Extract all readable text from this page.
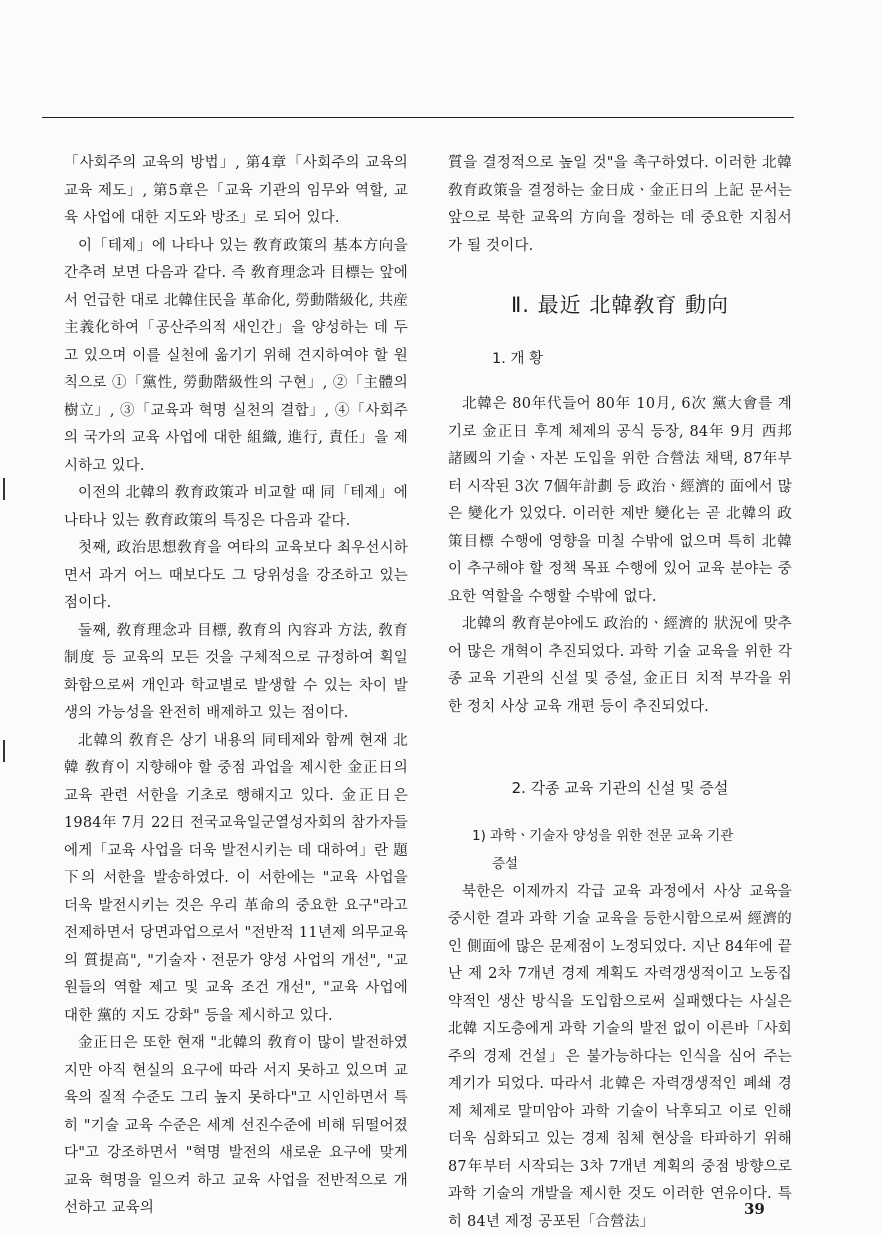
「사회주의 교육의 방법」, 第4章「사회주의 교육의 교육 제도」, 第5章은「교육 기관의 임무와 역할, 교육 사업에 대한 지도와 방조」로 되어 있다.

이「테제」에 나타나 있는 敎育政策의 基本方向을 간추려 보면 다음과 같다. 즉 敎育理念과 目標는 앞에서 언급한 대로 北韓住民을 革命化, 勞動階級化, 共産主義化하여「공산주의적 새인간」을 양성하는 데 두고 있으며 이를 실천에 옮기기 위해 견지하여야 할 원칙으로 ①「黨性, 勞動階級性의 구현」, ②「主體의 樹立」, ③「교육과 혁명 실천의 결합」, ④「사회주의 국가의 교육 사업에 대한 組織, 進行, 責任」을 제시하고 있다.

이전의 北韓의 敎育政策과 비교할 때 同「테제」에 나타나 있는 敎育政策의 특징은 다음과 같다.

첫째, 政治思想敎育을 여타의 교육보다 최우선시하면서 과거 어느 때보다도 그 당위성을 강조하고 있는 점이다.

둘째, 敎育理念과 目標, 敎育의 內容과 方法, 敎育制度 등 교육의 모든 것을 구체적으로 규정하여 획일화함으로써 개인과 학교별로 발생할 수 있는 차이 발생의 가능성을 완전히 배제하고 있는 점이다.

北韓의 敎育은 상기 내용의 同테제와 함께 현재 北韓 敎育이 지향해야 할 중점 과업을 제시한 金正日의 교육 관련 서한을 기초로 행해지고 있다. 金正日은 1984年 7月 22日 전국교육일군열성자회의 참가자들에게「교육 사업을 더욱 발전시키는 데 대하여」란 題下의 서한을 발송하였다. 이 서한에는 "교육 사업을 더욱 발전시키는 것은 우리 革命의 중요한 요구"라고 전제하면서 당면과업으로서 "전반적 11년제 의무교육의 質提高", "기술자ㆍ전문가 양성 사업의 개선", "교원들의 역할 제고 및 교육 조건 개선", "교육 사업에 대한 黨的 지도 강화" 등을 제시하고 있다.

金正日은 또한 현재 "北韓의 敎育이 많이 발전하였지만 아직 현실의 요구에 따라 서지 못하고 있으며 교육의 질적 수준도 그리 높지 못하다"고 시인하면서 특히 "기술 교육 수준은 세계 선진수준에 비해 뒤떨어졌다"고 강조하면서 "혁명 발전의 새로운 요구에 맞게 교육 혁명을 일으켜 하고 교육 사업을 전반적으로 개선하고 교육의

質을 결정적으로 높일 것"을 촉구하였다. 이러한 北韓 敎育政策을 결정하는 金日成ㆍ金正日의 上記 문서는 앞으로 북한 교육의 方向을 정하는 데 중요한 지침서가 될 것이다.

Ⅱ. 最近 北韓敎育 動向
1. 개 황

北韓은 80年代들어 80年 10月, 6次 黨大會를 계기로 金正日 후계 체제의 공식 등장, 84年 9月 西邦諸國의 기술ㆍ자본 도입을 위한 合營法 채택, 87年부터 시작된 3次 7個年計劃 등 政治ㆍ經濟的 面에서 많은 變化가 있었다. 이러한 제반 變化는 곧 北韓의 政策目標 수행에 영향을 미칠 수밖에 없으며 특히 北韓이 추구해야 할 정책 목표 수행에 있어 교육 분야는 중요한 역할을 수행할 수밖에 없다.

北韓의 敎育분야에도 政治的ㆍ經濟的 狀況에 맞추어 많은 개혁이 추진되었다. 과학 기술 교육을 위한 각종 교육 기관의 신설 및 증설, 金正日 치적 부각을 위한 정치 사상 교육 개편 등이 추진되었다.

2. 각종 교육 기관의 신설 및 증설
1) 과학ㆍ기술자 양성을 위한 전문 교육 기관
증설

북한은 이제까지 각급 교육 과정에서 사상 교육을 중시한 결과 과학 기술 교육을 등한시함으로써 經濟的인 側面에 많은 문제점이 노정되었다. 지난 84年에 끝난 제 2차 7개년 경제 계획도 자력갱생적이고 노동집약적인 생산 방식을 도입함으로써 실패했다는 사실은 北韓 지도층에게 과학 기술의 발전 없이 이른바「사회주의 경제 건설」은 불가능하다는 인식을 심어 주는 계기가 되었다. 따라서 北韓은 자력갱생적인 폐쇄 경제 체제로 말미암아 과학 기술이 낙후되고 이로 인해 더욱 심화되고 있는 경제 침체 현상을 타파하기 위해 87年부터 시작되는 3차 7개년 계획의 중점 방향으로 과학 기술의 개발을 제시한 것도 이러한 연유이다. 특히 84년 제정 공포된「合營法」

39
